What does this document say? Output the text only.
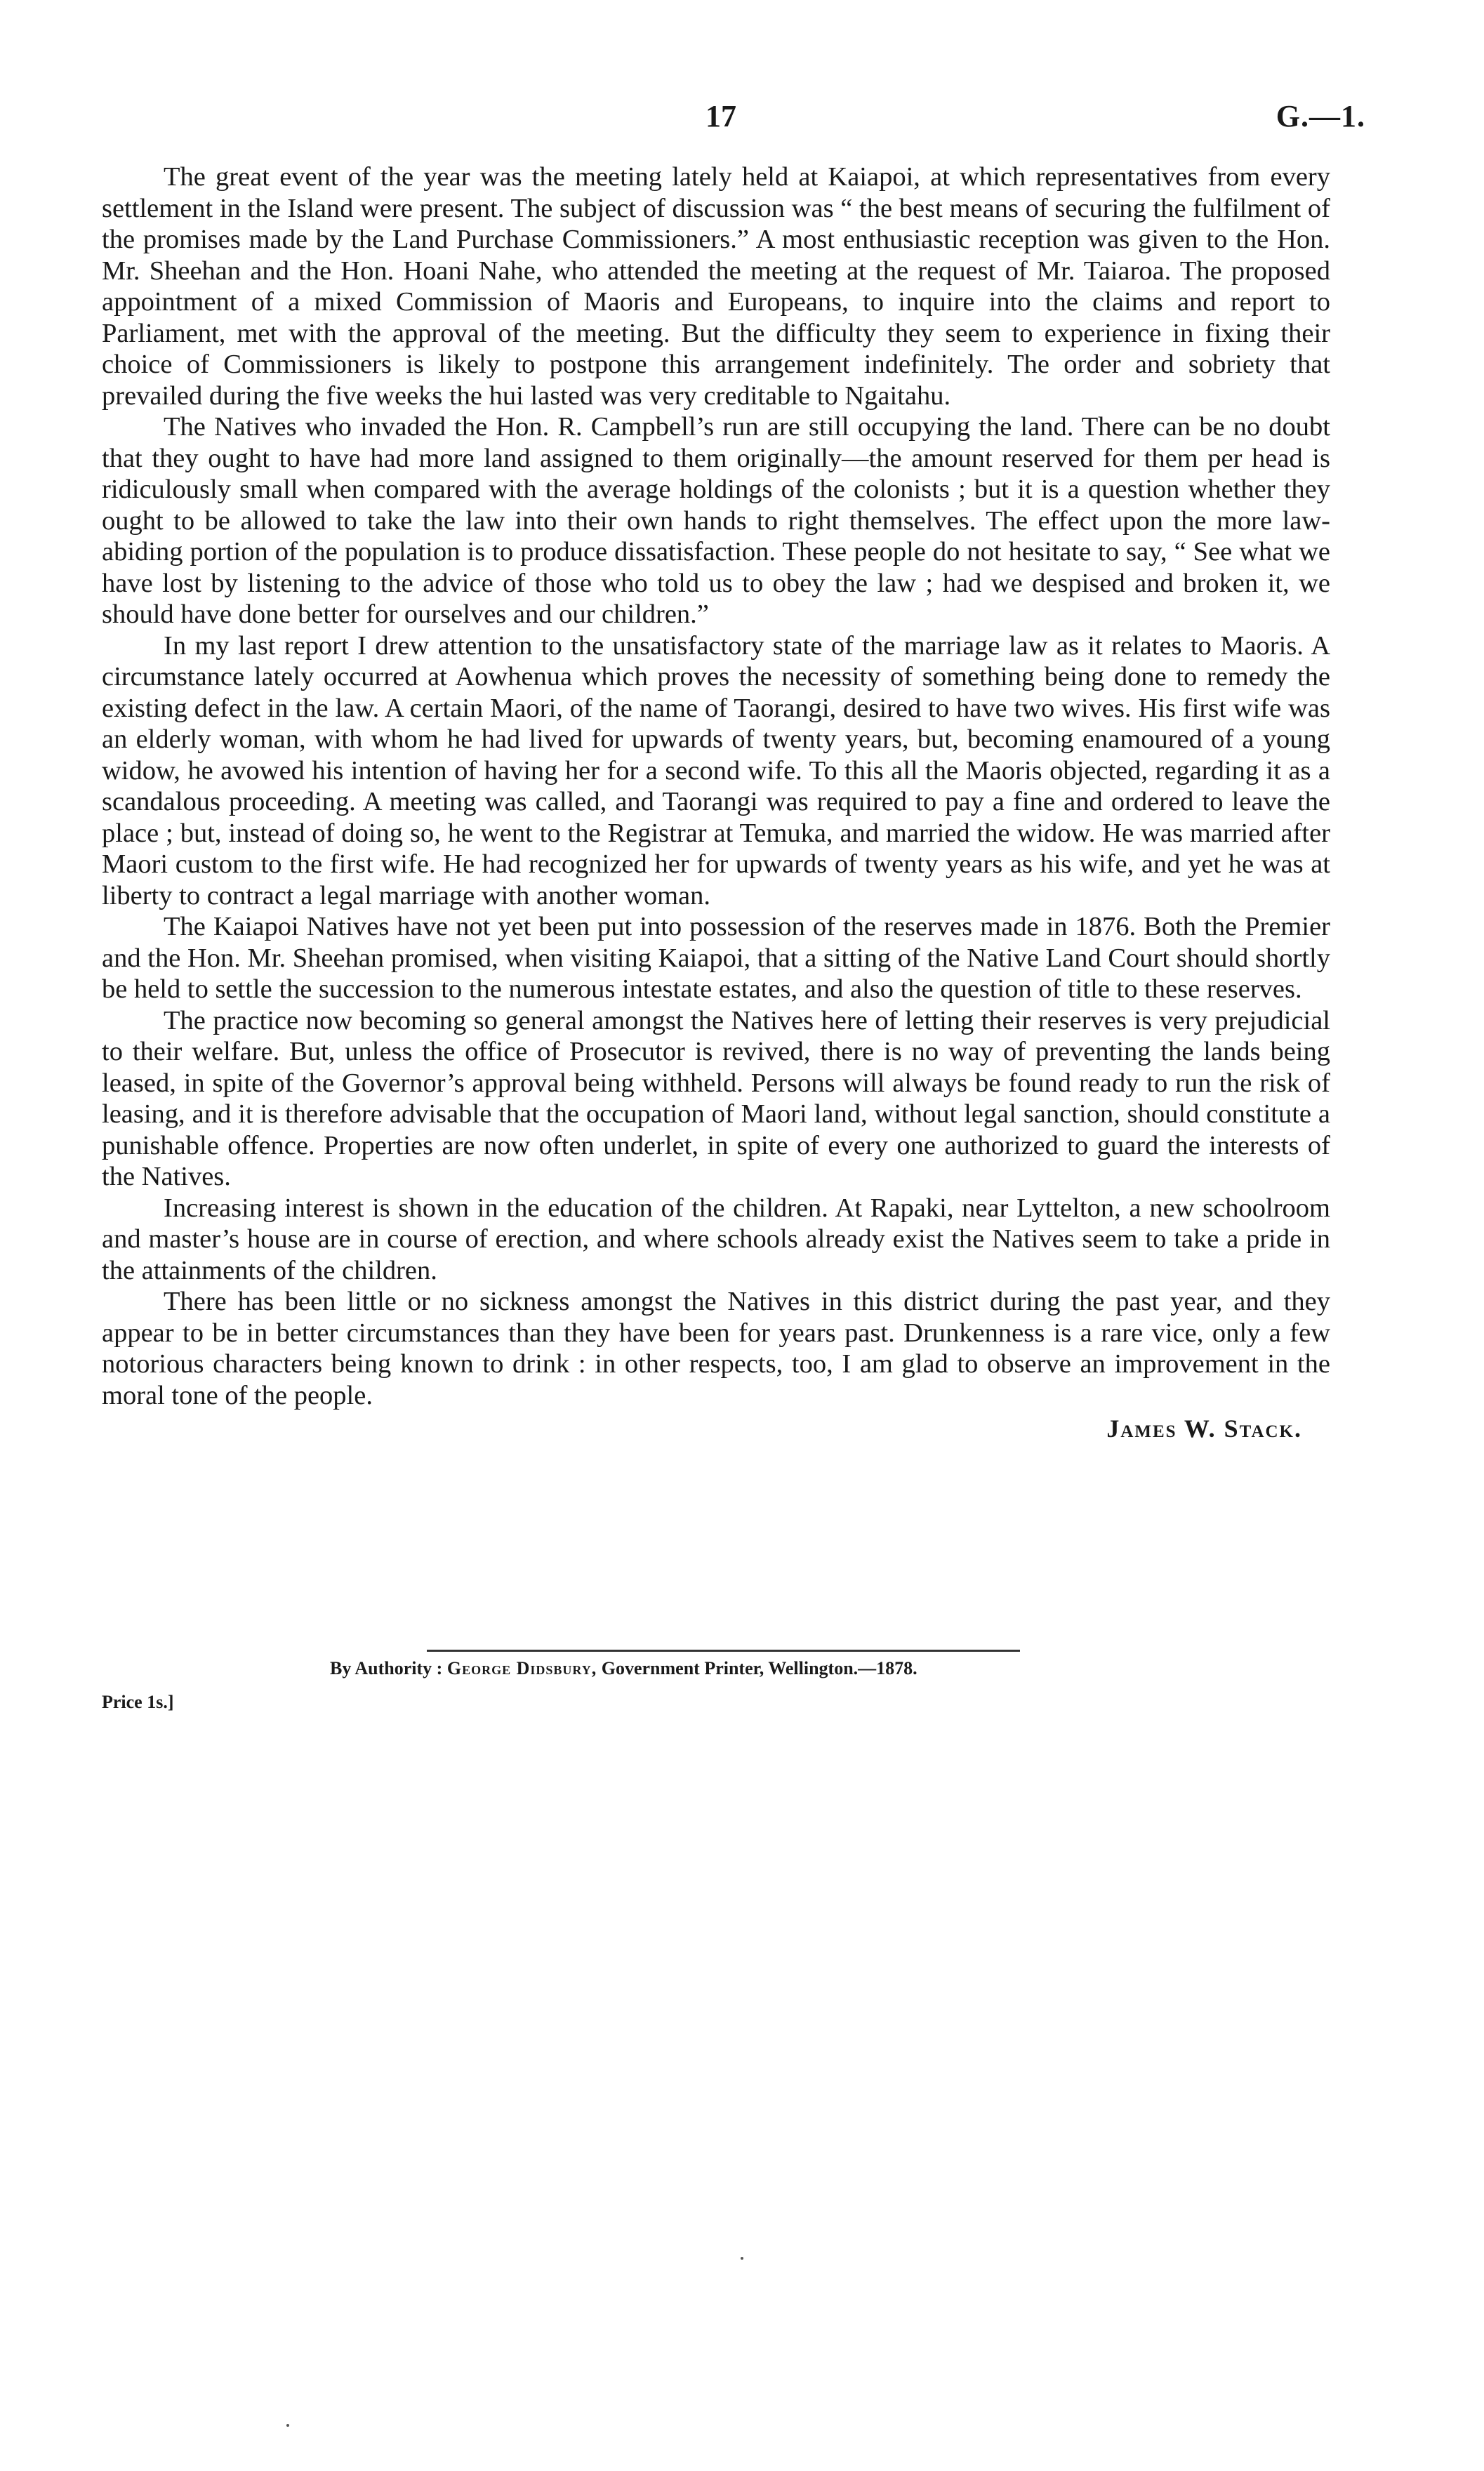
17	G.—1.

The great event of the year was the meeting lately held at Kaiapoi, at which representatives from every settlement in the Island were present. The subject of discussion was “ the best means of securing the fulfilment of the promises made by the Land Purchase Commissioners.” A most enthusiastic reception was given to the Hon. Mr. Sheehan and the Hon. Hoani Nahe, who attended the meeting at the request of Mr. Taiaroa. The proposed appointment of a mixed Commission of Maoris and Europeans, to inquire into the claims and report to Parliament, met with the approval of the meeting. But the difficulty they seem to experience in fixing their choice of Commissioners is likely to postpone this arrangement indefinitely. The order and sobriety that prevailed during the five weeks the hui lasted was very creditable to Ngaitahu.

The Natives who invaded the Hon. R. Campbell’s run are still occupying the land. There can be no doubt that they ought to have had more land assigned to them originally—the amount reserved for them per head is ridiculously small when compared with the average holdings of the colonists ; but it is a question whether they ought to be allowed to take the law into their own hands to right themselves. The effect upon the more law-abiding portion of the population is to produce dissatisfaction. These people do not hesitate to say, “ See what we have lost by listening to the advice of those who told us to obey the law ; had we despised and broken it, we should have done better for ourselves and our children.”

In my last report I drew attention to the unsatisfactory state of the marriage law as it relates to Maoris. A circumstance lately occurred at Aowhenua which proves the necessity of something being done to remedy the existing defect in the law. A certain Maori, of the name of Taorangi, desired to have two wives. His first wife was an elderly woman, with whom he had lived for upwards of twenty years, but, becoming enamoured of a young widow, he avowed his intention of having her for a second wife. To this all the Maoris objected, regarding it as a scandalous proceeding. A meeting was called, and Taorangi was required to pay a fine and ordered to leave the place ; but, instead of doing so, he went to the Registrar at Temuka, and married the widow. He was married after Maori custom to the first wife. He had recognized her for upwards of twenty years as his wife, and yet he was at liberty to contract a legal marriage with another woman.

The Kaiapoi Natives have not yet been put into possession of the reserves made in 1876. Both the Premier and the Hon. Mr. Sheehan promised, when visiting Kaiapoi, that a sitting of the Native Land Court should shortly be held to settle the succession to the numerous intestate estates, and also the question of title to these reserves.

The practice now becoming so general amongst the Natives here of letting their reserves is very prejudicial to their welfare. But, unless the office of Prosecutor is revived, there is no way of preventing the lands being leased, in spite of the Governor’s approval being withheld. Persons will always be found ready to run the risk of leasing, and it is therefore advisable that the occupation of Maori land, without legal sanction, should constitute a punishable offence. Properties are now often underlet, in spite of every one authorized to guard the interests of the Natives.

Increasing interest is shown in the education of the children. At Rapaki, near Lyttelton, a new schoolroom and master’s house are in course of erection, and where schools already exist the Natives seem to take a pride in the attainments of the children.

There has been little or no sickness amongst the Natives in this district during the past year, and they appear to be in better circumstances than they have been for years past. Drunkenness is a rare vice, only a few notorious characters being known to drink : in other respects, too, I am glad to observe an improvement in the moral tone of the people.

James W. Stack.

By Authority : George Didsbury, Government Printer, Wellington.—1878.
Price 1s.]
